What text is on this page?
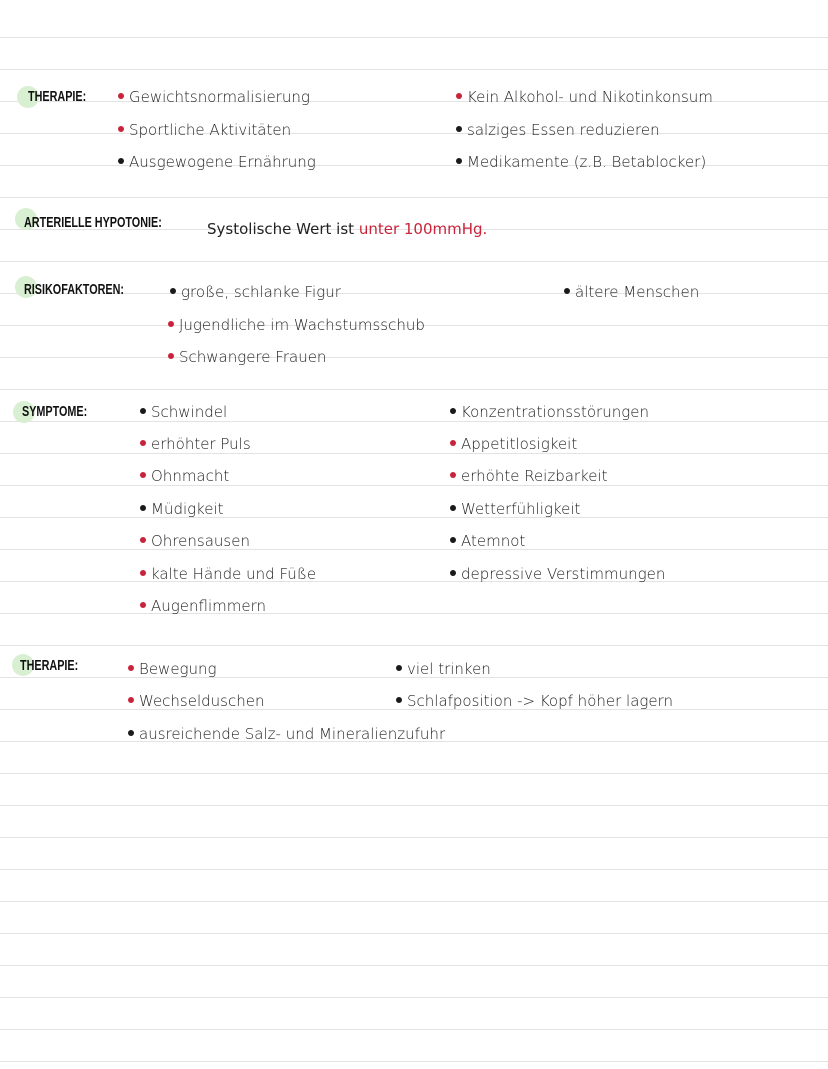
THERAPIE:	Gewichtsnormalisierung
Sportliche Aktivitäten
Ausgewogene Ernährung
Kein Alkohol- und Nikotinkonsum
salziges Essen reduzieren
Medikamente (z.B. Betablocker)
ARTERIELLE HYPOTONIE:	Systolische Wert ist unter 100mmHg.
RISIKOFAKTOREN:	große, schlanke Figur
Jugendliche im Wachstumsschub
Schwangere Frauen
ältere Menschen
SYMPTOME:	Schwindel
erhöhter Puls
Ohnmacht
Müdigkeit
Ohrensausen
kalte Hände und Füße
Augenflimmern
Konzentrationsstörungen
Appetitlosigkeit
erhöhte Reizbarkeit
Wetterfühligkeit
Atemnot
depressive Verstimmungen
THERAPIE:	Bewegung
Wechselduschen
ausreichende Salz- und Mineralienzufuhr
viel trinken
Schlafposition -> Kopf höher lagern
